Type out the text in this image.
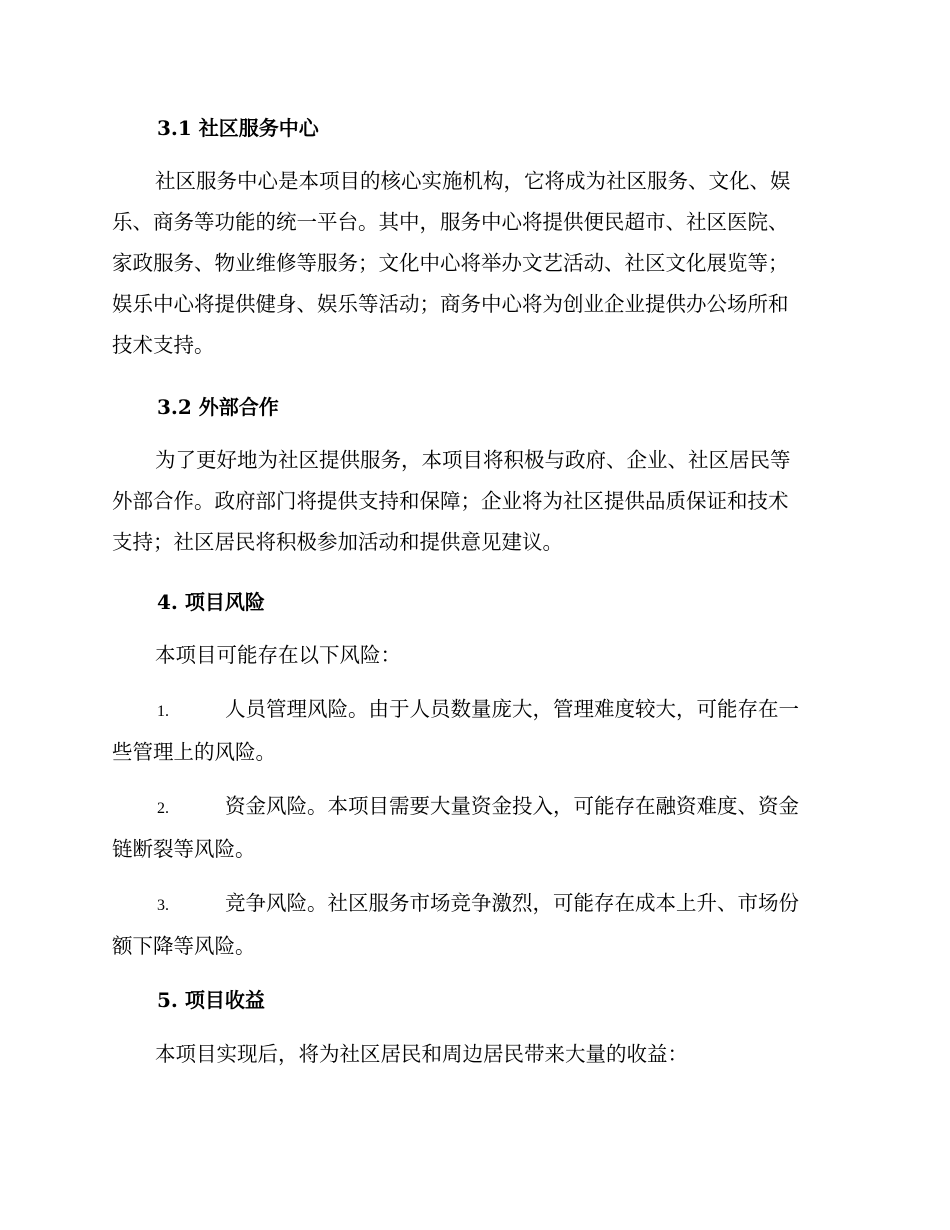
3.1 社区服务中心
社区服务中心是本项目的核心实施机构，它将成为社区服务、文化、娱
乐、商务等功能的统一平台。其中，服务中心将提供便民超市、社区医院、
家政服务、物业维修等服务；文化中心将举办文艺活动、社区文化展览等；
娱乐中心将提供健身、娱乐等活动；商务中心将为创业企业提供办公场所和
技术支持。
3.2 外部合作
为了更好地为社区提供服务，本项目将积极与政府、企业、社区居民等
外部合作。政府部门将提供支持和保障；企业将为社区提供品质保证和技术
支持；社区居民将积极参加活动和提供意见建议。
4. 项目风险
本项目可能存在以下风险：
1.	人员管理风险。由于人员数量庞大，管理难度较大，可能存在一
些管理上的风险。
2.	资金风险。本项目需要大量资金投入，可能存在融资难度、资金
链断裂等风险。
3.	竞争风险。社区服务市场竞争激烈，可能存在成本上升、市场份
额下降等风险。
5. 项目收益
本项目实现后，将为社区居民和周边居民带来大量的收益：
